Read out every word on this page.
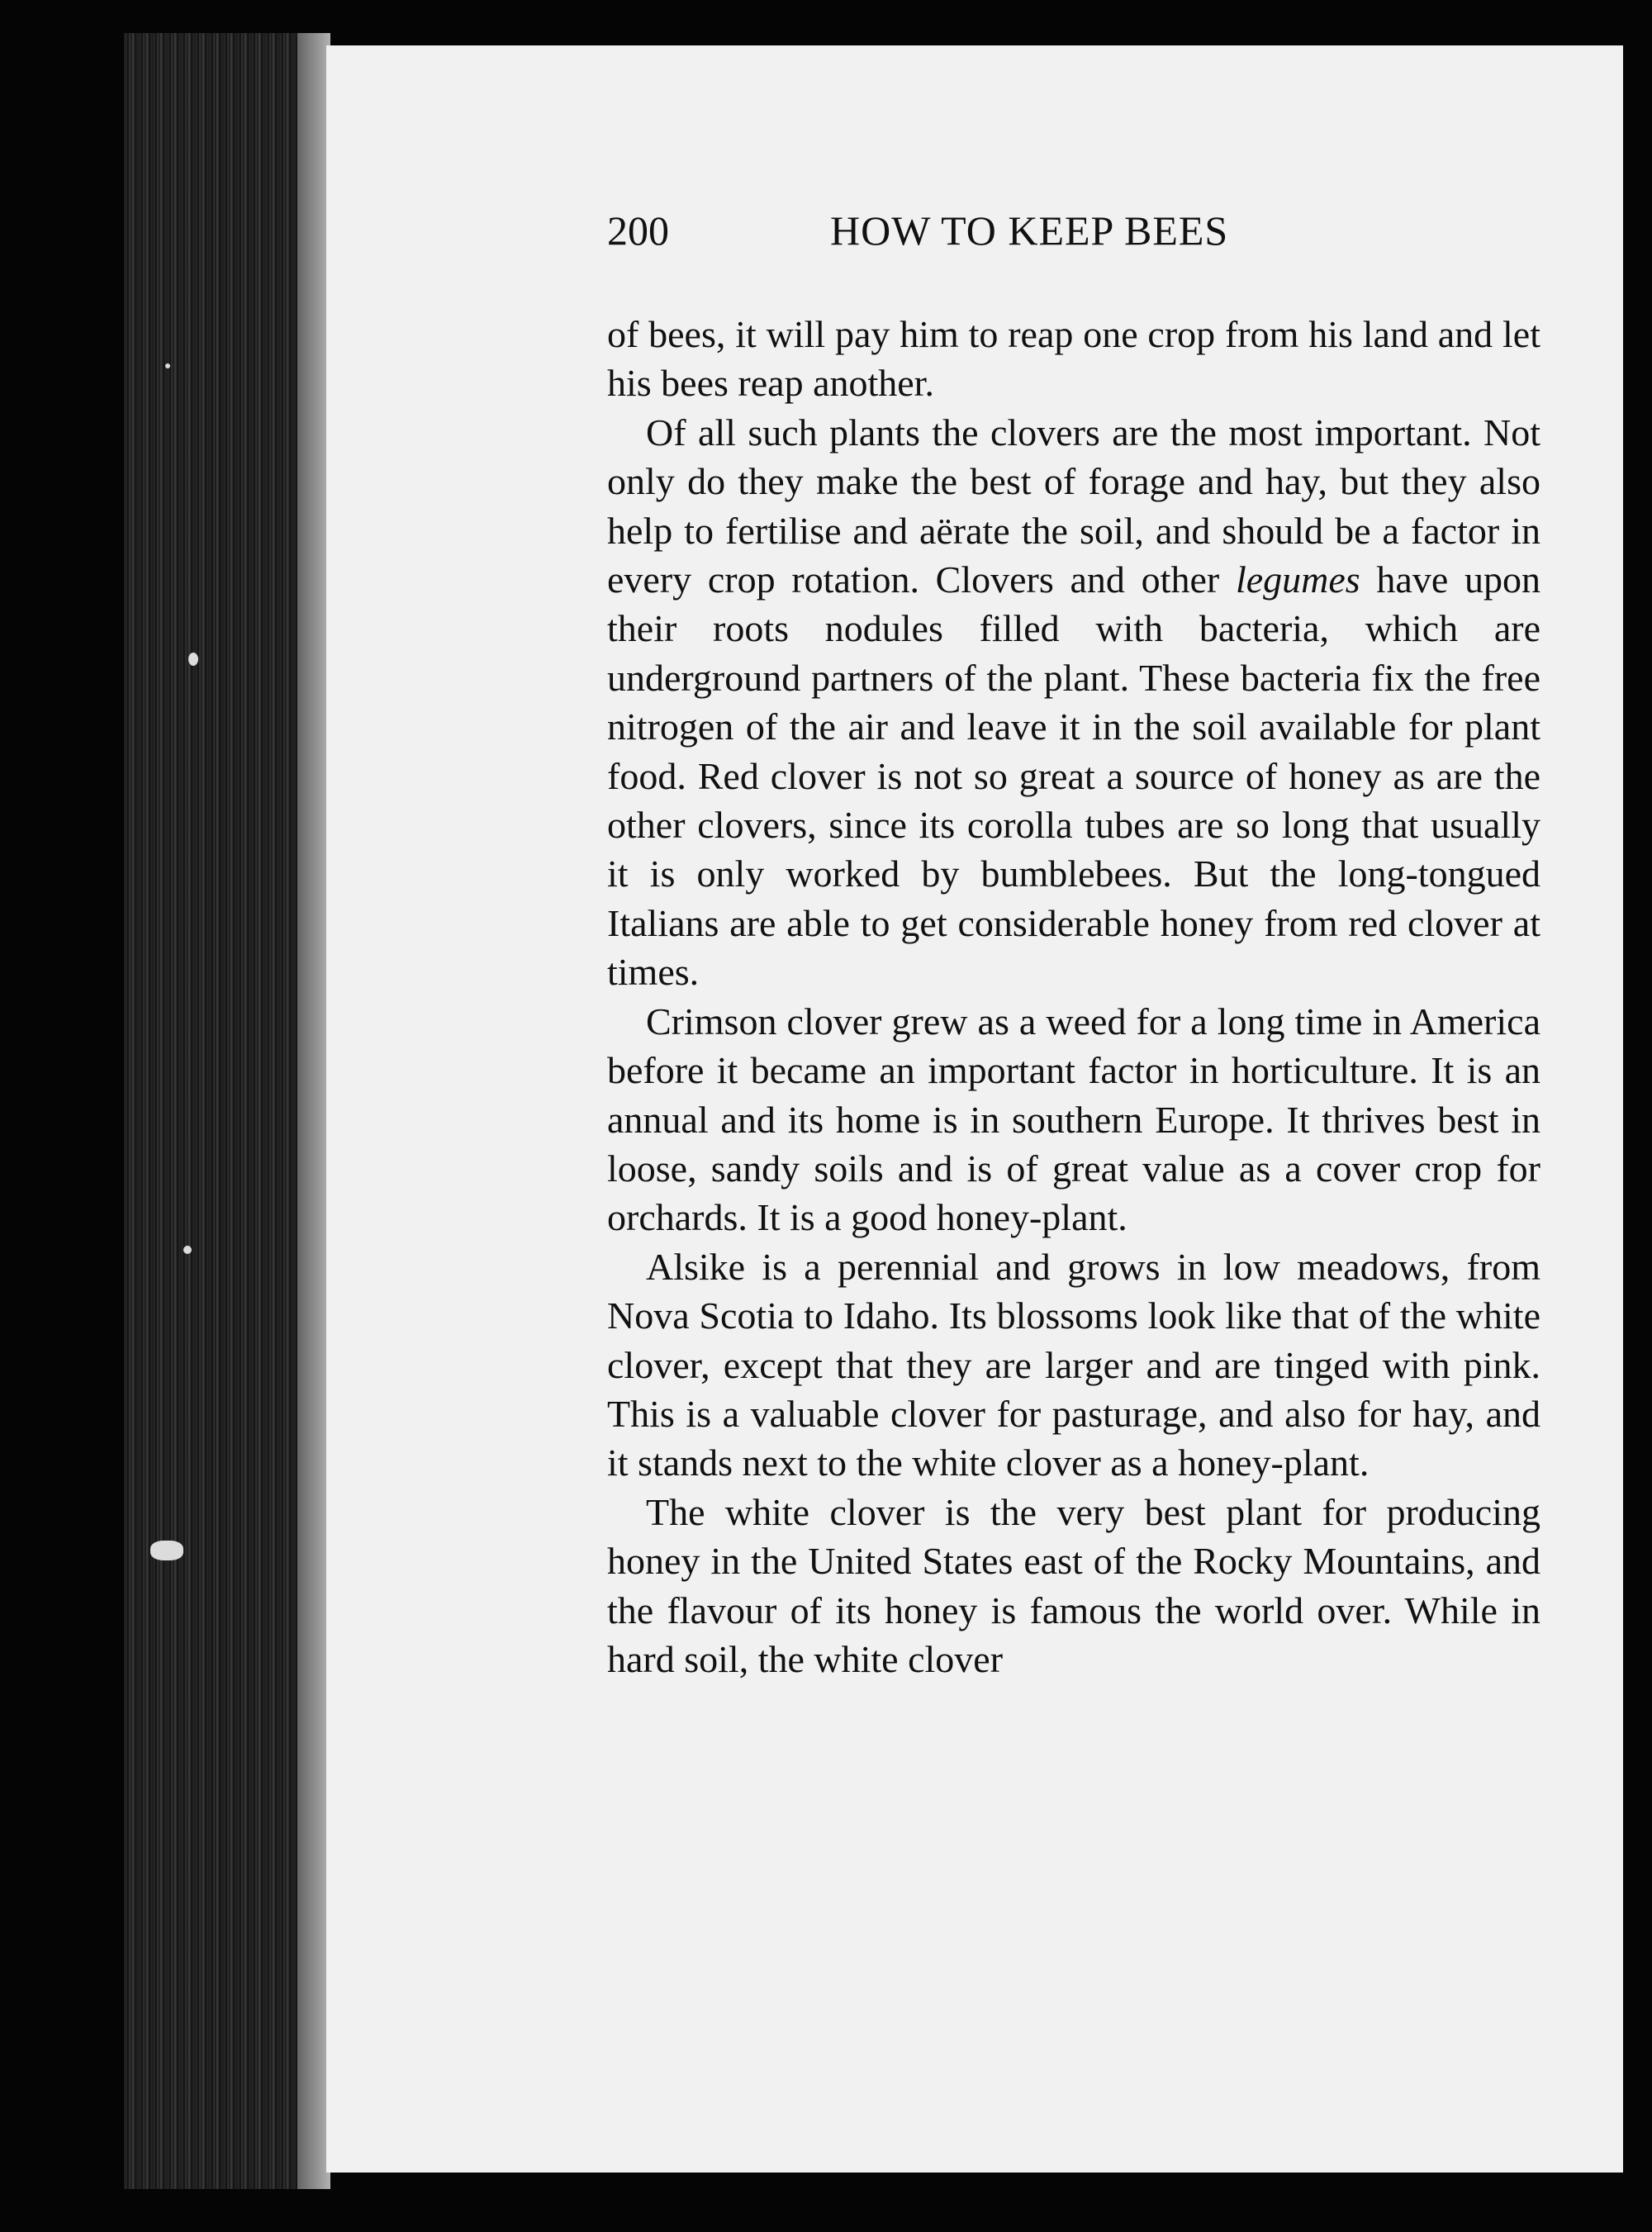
200	HOW TO KEEP BEES

of bees, it will pay him to reap one crop from his land and let his bees reap another.

Of all such plants the clovers are the most important. Not only do they make the best of forage and hay, but they also help to fertilise and aërate the soil, and should be a factor in every crop rotation. Clovers and other legumes have upon their roots nodules filled with bacteria, which are underground partners of the plant. These bacteria fix the free nitrogen of the air and leave it in the soil available for plant food. Red clover is not so great a source of honey as are the other clovers, since its corolla tubes are so long that usually it is only worked by bumblebees. But the long-tongued Italians are able to get considerable honey from red clover at times.

Crimson clover grew as a weed for a long time in America before it became an important factor in horticulture. It is an annual and its home is in southern Europe. It thrives best in loose, sandy soils and is of great value as a cover crop for orchards. It is a good honey-plant.

Alsike is a perennial and grows in low meadows, from Nova Scotia to Idaho. Its blossoms look like that of the white clover, except that they are larger and are tinged with pink. This is a valuable clover for pasturage, and also for hay, and it stands next to the white clover as a honey-plant.

The white clover is the very best plant for producing honey in the United States east of the Rocky Mountains, and the flavour of its honey is famous the world over. While in hard soil, the white clover
